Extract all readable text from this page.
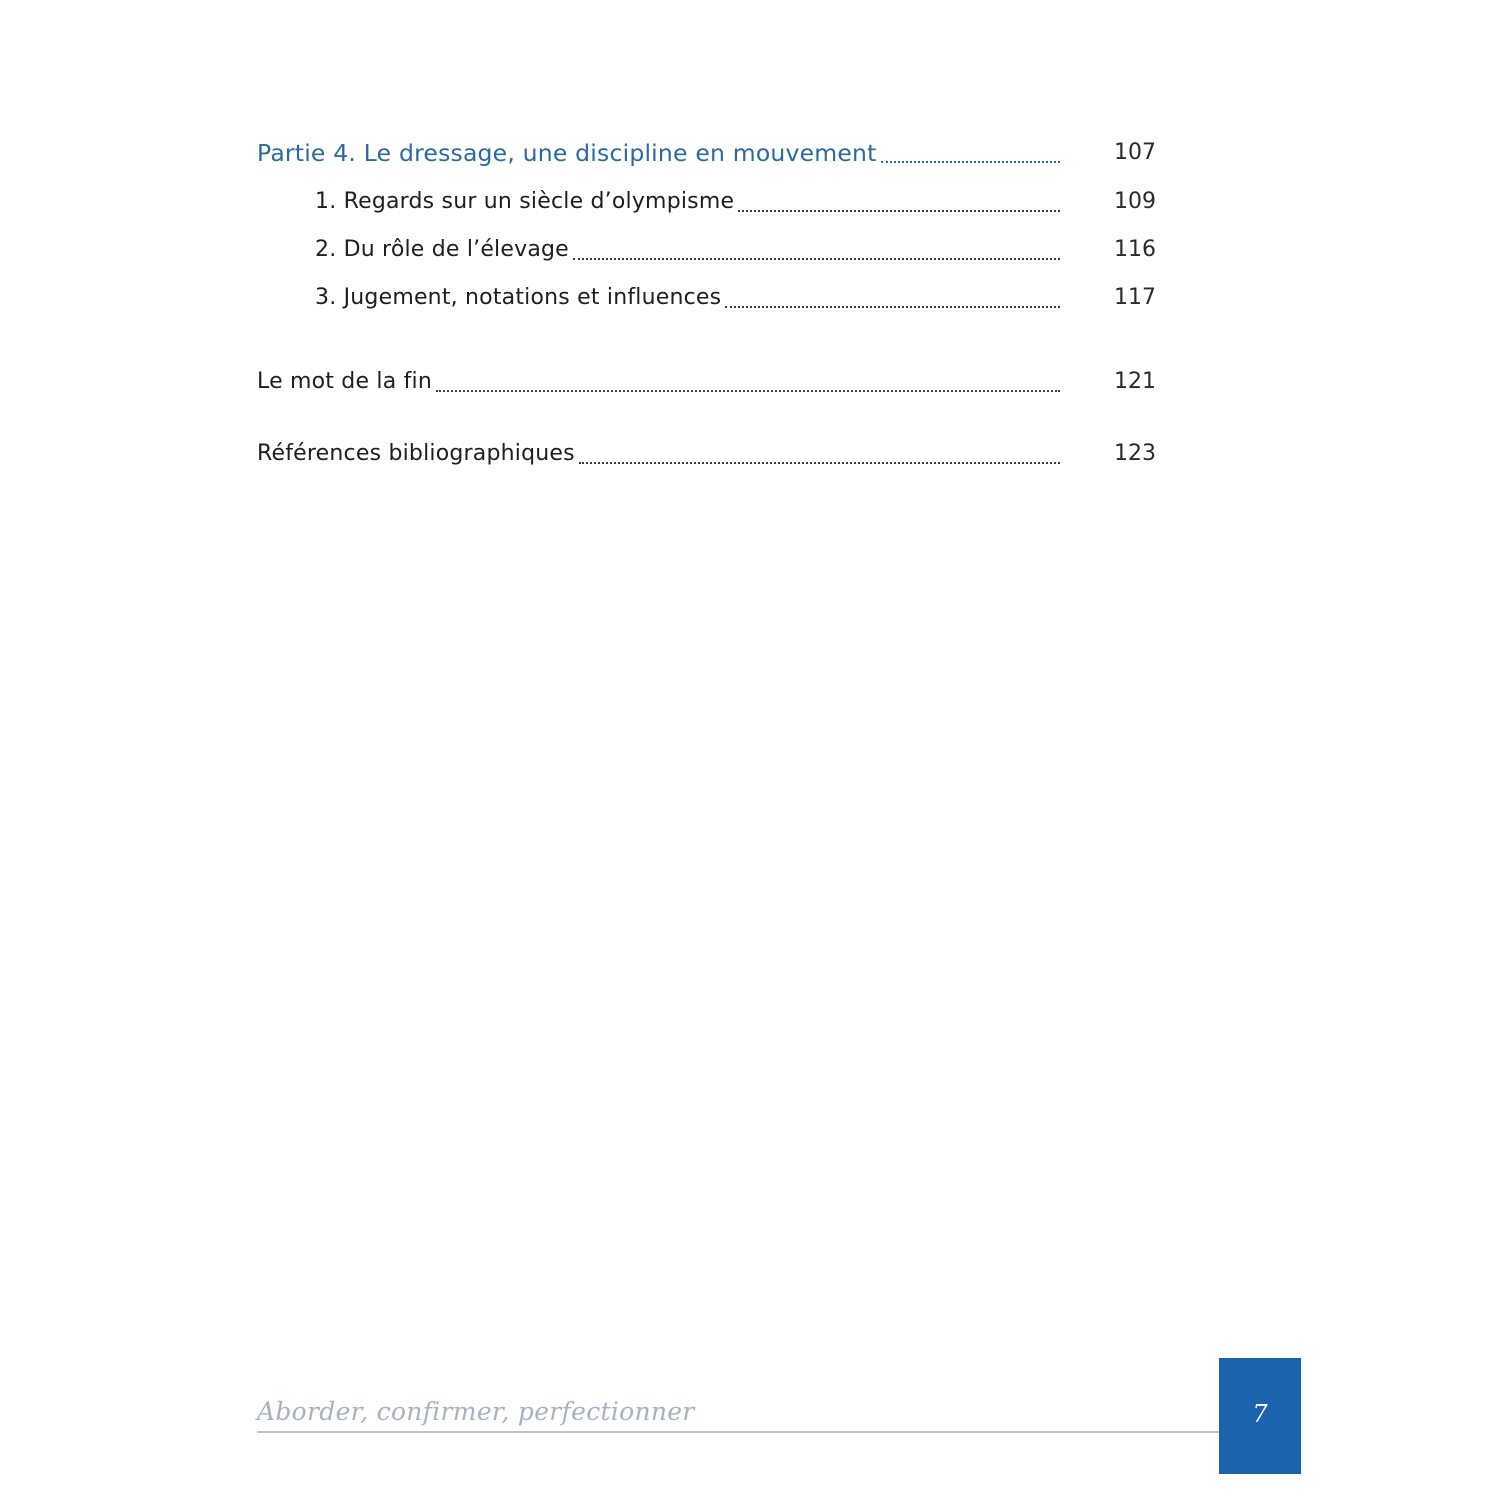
Partie 4. Le dressage, une discipline en mouvement	107
1. Regards sur un siècle d’olympisme	109
2. Du rôle de l’élevage	116
3. Jugement, notations et influences	117
Le mot de la fin	121
Références bibliographiques	123
Aborder, confirmer, perfectionner	7
